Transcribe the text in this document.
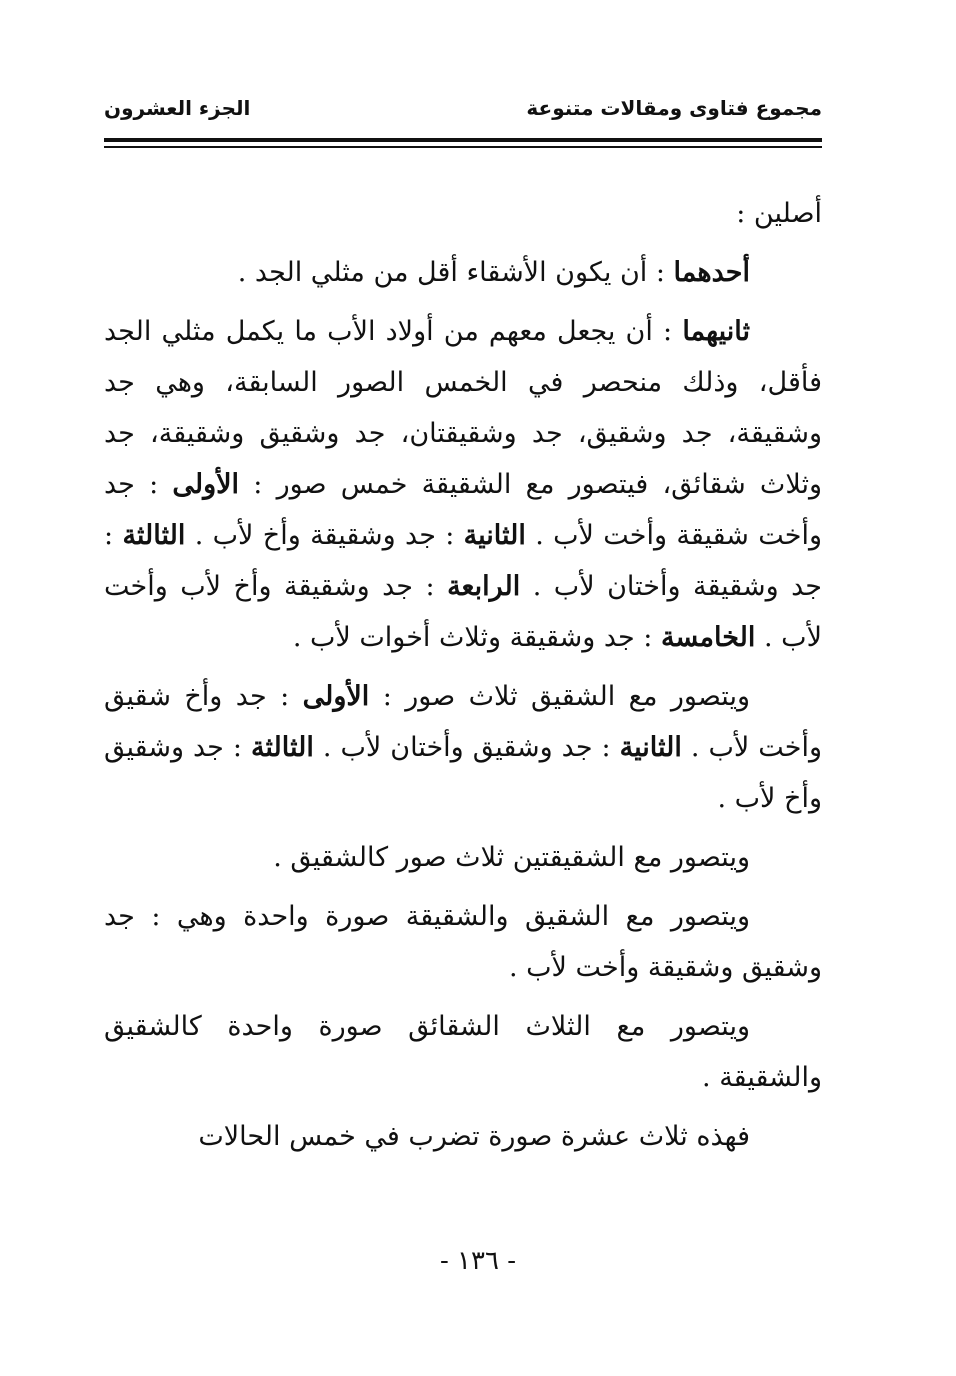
مجموع فتاوى ومقالات متنوعة
الجزء العشرون

أصلين :

أحدهما : أن يكون الأشقاء أقل من مثلي الجد .

ثانيهما : أن يجعل معهم من أولاد الأب ما يكمل مثلي الجد فأقل، وذلك منحصر في الخمس الصور السابقة، وهي جد وشقيقة، جد وشقيق، جد وشقيقتان، جد وشقيق وشقيقة، جد وثلاث شقائق، فيتصور مع الشقيقة خمس صور : الأولى : جد وأخت شقيقة وأخت لأب . الثانية : جد وشقيقة وأخ لأب . الثالثة : جد وشقيقة وأختان لأب . الرابعة : جد وشقيقة وأخ لأب وأخت لأب . الخامسة : جد وشقيقة وثلاث أخوات لأب .

ويتصور مع الشقيق ثلاث صور : الأولى : جد وأخ شقيق وأخت لأب . الثانية : جد وشقيق وأختان لأب . الثالثة : جد وشقيق وأخ لأب .

ويتصور مع الشقيقتين ثلاث صور كالشقيق .

ويتصور مع الشقيق والشقيقة صورة واحدة وهي : جد وشقيق وشقيقة وأخت لأب .

ويتصور مع الثلاث الشقائق صورة واحدة كالشقيق والشقيقة .

فهذه ثلاث عشرة صورة تضرب في خمس الحالات

- ١٣٦ -
